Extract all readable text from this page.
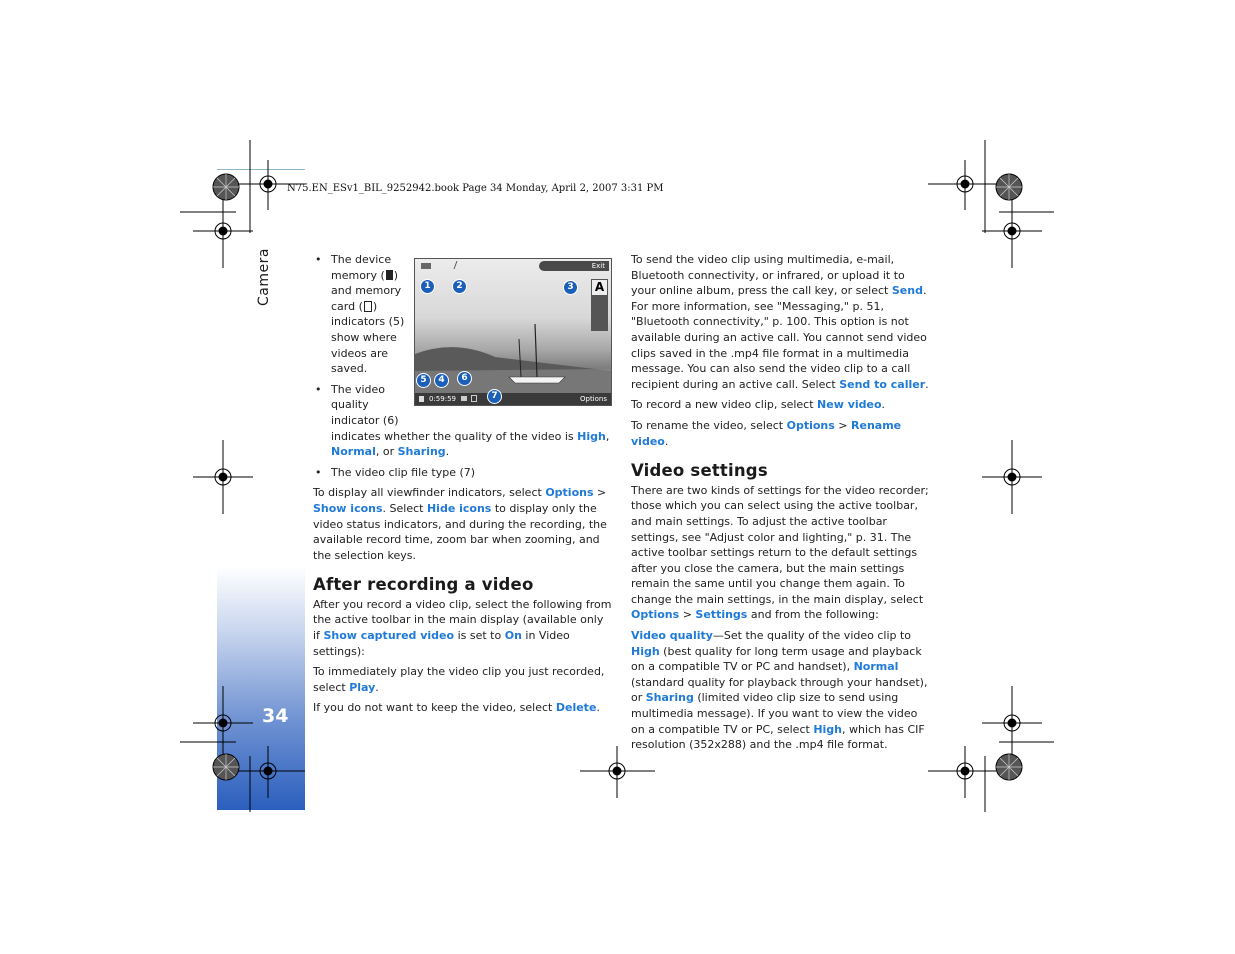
Camera
34
N75.EN_ESv1_BIL_9252942.book Page 34 Monday, April 2, 2007 3:31 PM
• The device
memory ( )
and memory
card ( )
indicators (5)
show where
videos are
saved.
• The video
quality
indicator (6)
indicates whether the quality of the video is High,
Normal, or Sharing.
• The video clip file type (7)

To display all viewfinder indicators, select Options > Show icons. Select Hide icons to display only the video status indicators, and during the recording, the available record time, zoom bar when zooming, and the selection keys.

After recording a video

After you record a video clip, select the following from the active toolbar in the main display (available only if Show captured video is set to On in Video settings):

To immediately play the video clip you just recorded, select Play.

If you do not want to keep the video, select Delete.

Exit
A
0:59:59	Options
1	2	3
5	4	6
7

To send the video clip using multimedia, e-mail, Bluetooth connectivity, or infrared, or upload it to your online album, press the call key, or select Send. For more information, see "Messaging," p. 51, "Bluetooth connectivity," p. 100. This option is not available during an active call. You cannot send video clips saved in the .mp4 file format in a multimedia message. You can also send the video clip to a call recipient during an active call. Select Send to caller.

To record a new video clip, select New video.

To rename the video, select Options > Rename video.

Video settings

There are two kinds of settings for the video recorder; those which you can select using the active toolbar, and main settings. To adjust the active toolbar settings, see "Adjust color and lighting," p. 31. The active toolbar settings return to the default settings after you close the camera, but the main settings remain the same until you change them again. To change the main settings, in the main display, select Options > Settings and from the following:

Video quality—Set the quality of the video clip to High (best quality for long term usage and playback on a compatible TV or PC and handset), Normal (standard quality for playback through your handset), or Sharing (limited video clip size to send using multimedia message). If you want to view the video on a compatible TV or PC, select High, which has CIF resolution (352x288) and the .mp4 file format.
